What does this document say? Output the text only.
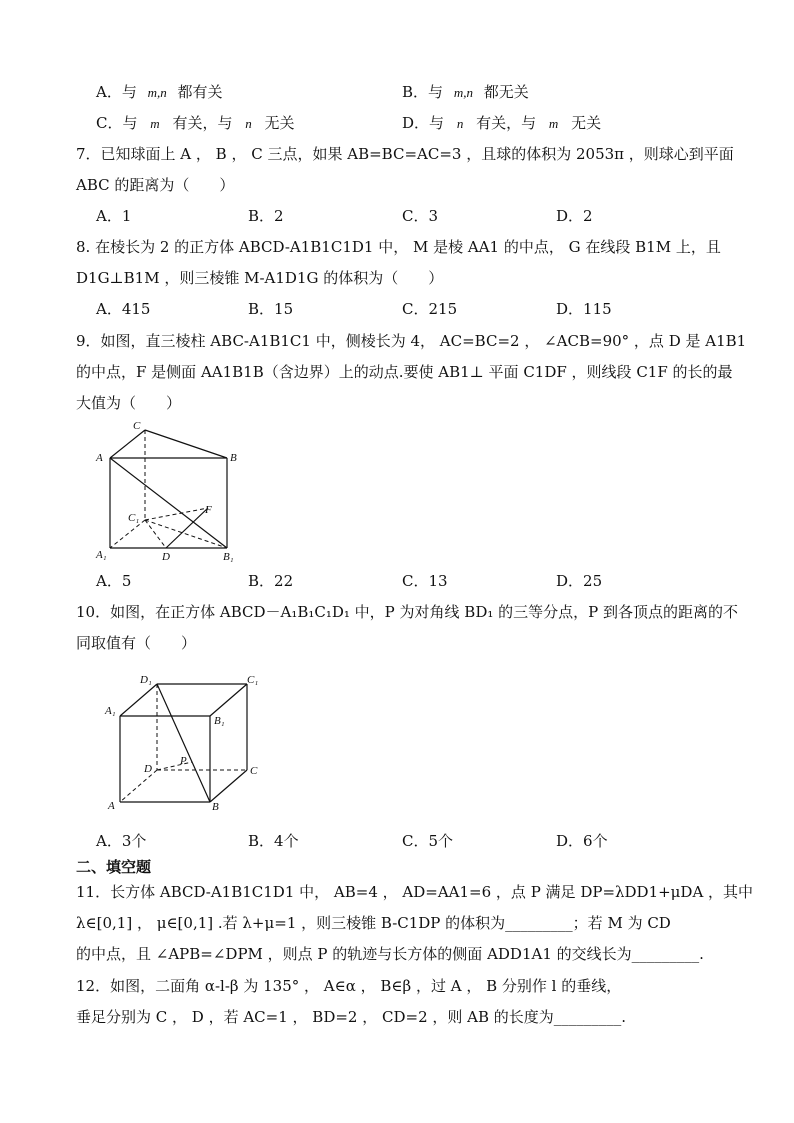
A．与 m,n 都有关	B．与 m,n 都无关
C．与 m 有关，与 n 无关	D．与 n 有关，与 m 无关
7．已知球面上 A ， B ， C 三点，如果 AB=BC=AC=3 ，且球的体积为 2053π ，则球心到平面
ABC 的距离为（　　）
A．1	B．2	C．3	D．2
8. 在棱长为 2 的正方体 ABCD-A1B1C1D1 中， M 是棱 AA1 的中点， G 在线段 B1M 上，且
D1G⊥B1M ，则三棱锥 M-A1D1G 的体积为（　　）
A．415	B．15	C．215	D．115
9．如图，直三棱柱 ABC-A1B1C1 中，侧棱长为 4， AC=BC=2 ， ∠ACB=90° ，点 D 是 A1B1
的中点，F 是侧面 AA1B1B（含边界）上的动点.要使 AB1⊥ 平面 C1DF ，则线段 C1F 的长的最
大值为（　　）
C
A	B
C₁
F
A₁	D	B₁
A．5	B．22	C．13	D．25
10．如图，在正方体 ABCD－A₁B₁C₁D₁ 中，P 为对角线 BD₁ 的三等分点，P 到各顶点的距离的不
同取值有（　　）
D₁	C₁
A₁
B₁
D
P
C
A	B
A．3个	B．4个	C．5个	D．6个
二、填空题
11．长方体 ABCD-A1B1C1D1 中， AB=4 ， AD=AA1=6 ，点 P 满足 DP=λDD1+μDA ，其中
λ∈[0,1] ， μ∈[0,1] .若 λ+μ=1 ，则三棱锥 B-C1DP 的体积为_________；若 M 为 CD
的中点，且 ∠APB=∠DPM ，则点 P 的轨迹与长方体的侧面 ADD1A1 的交线长为_________.
12．如图，二面角 α-l-β 为 135° ， A∈α ， B∈β ，过 A ， B 分别作 l 的垂线，
垂足分别为 C ， D ，若 AC=1 ， BD=2 ， CD=2 ，则 AB 的长度为_________.
